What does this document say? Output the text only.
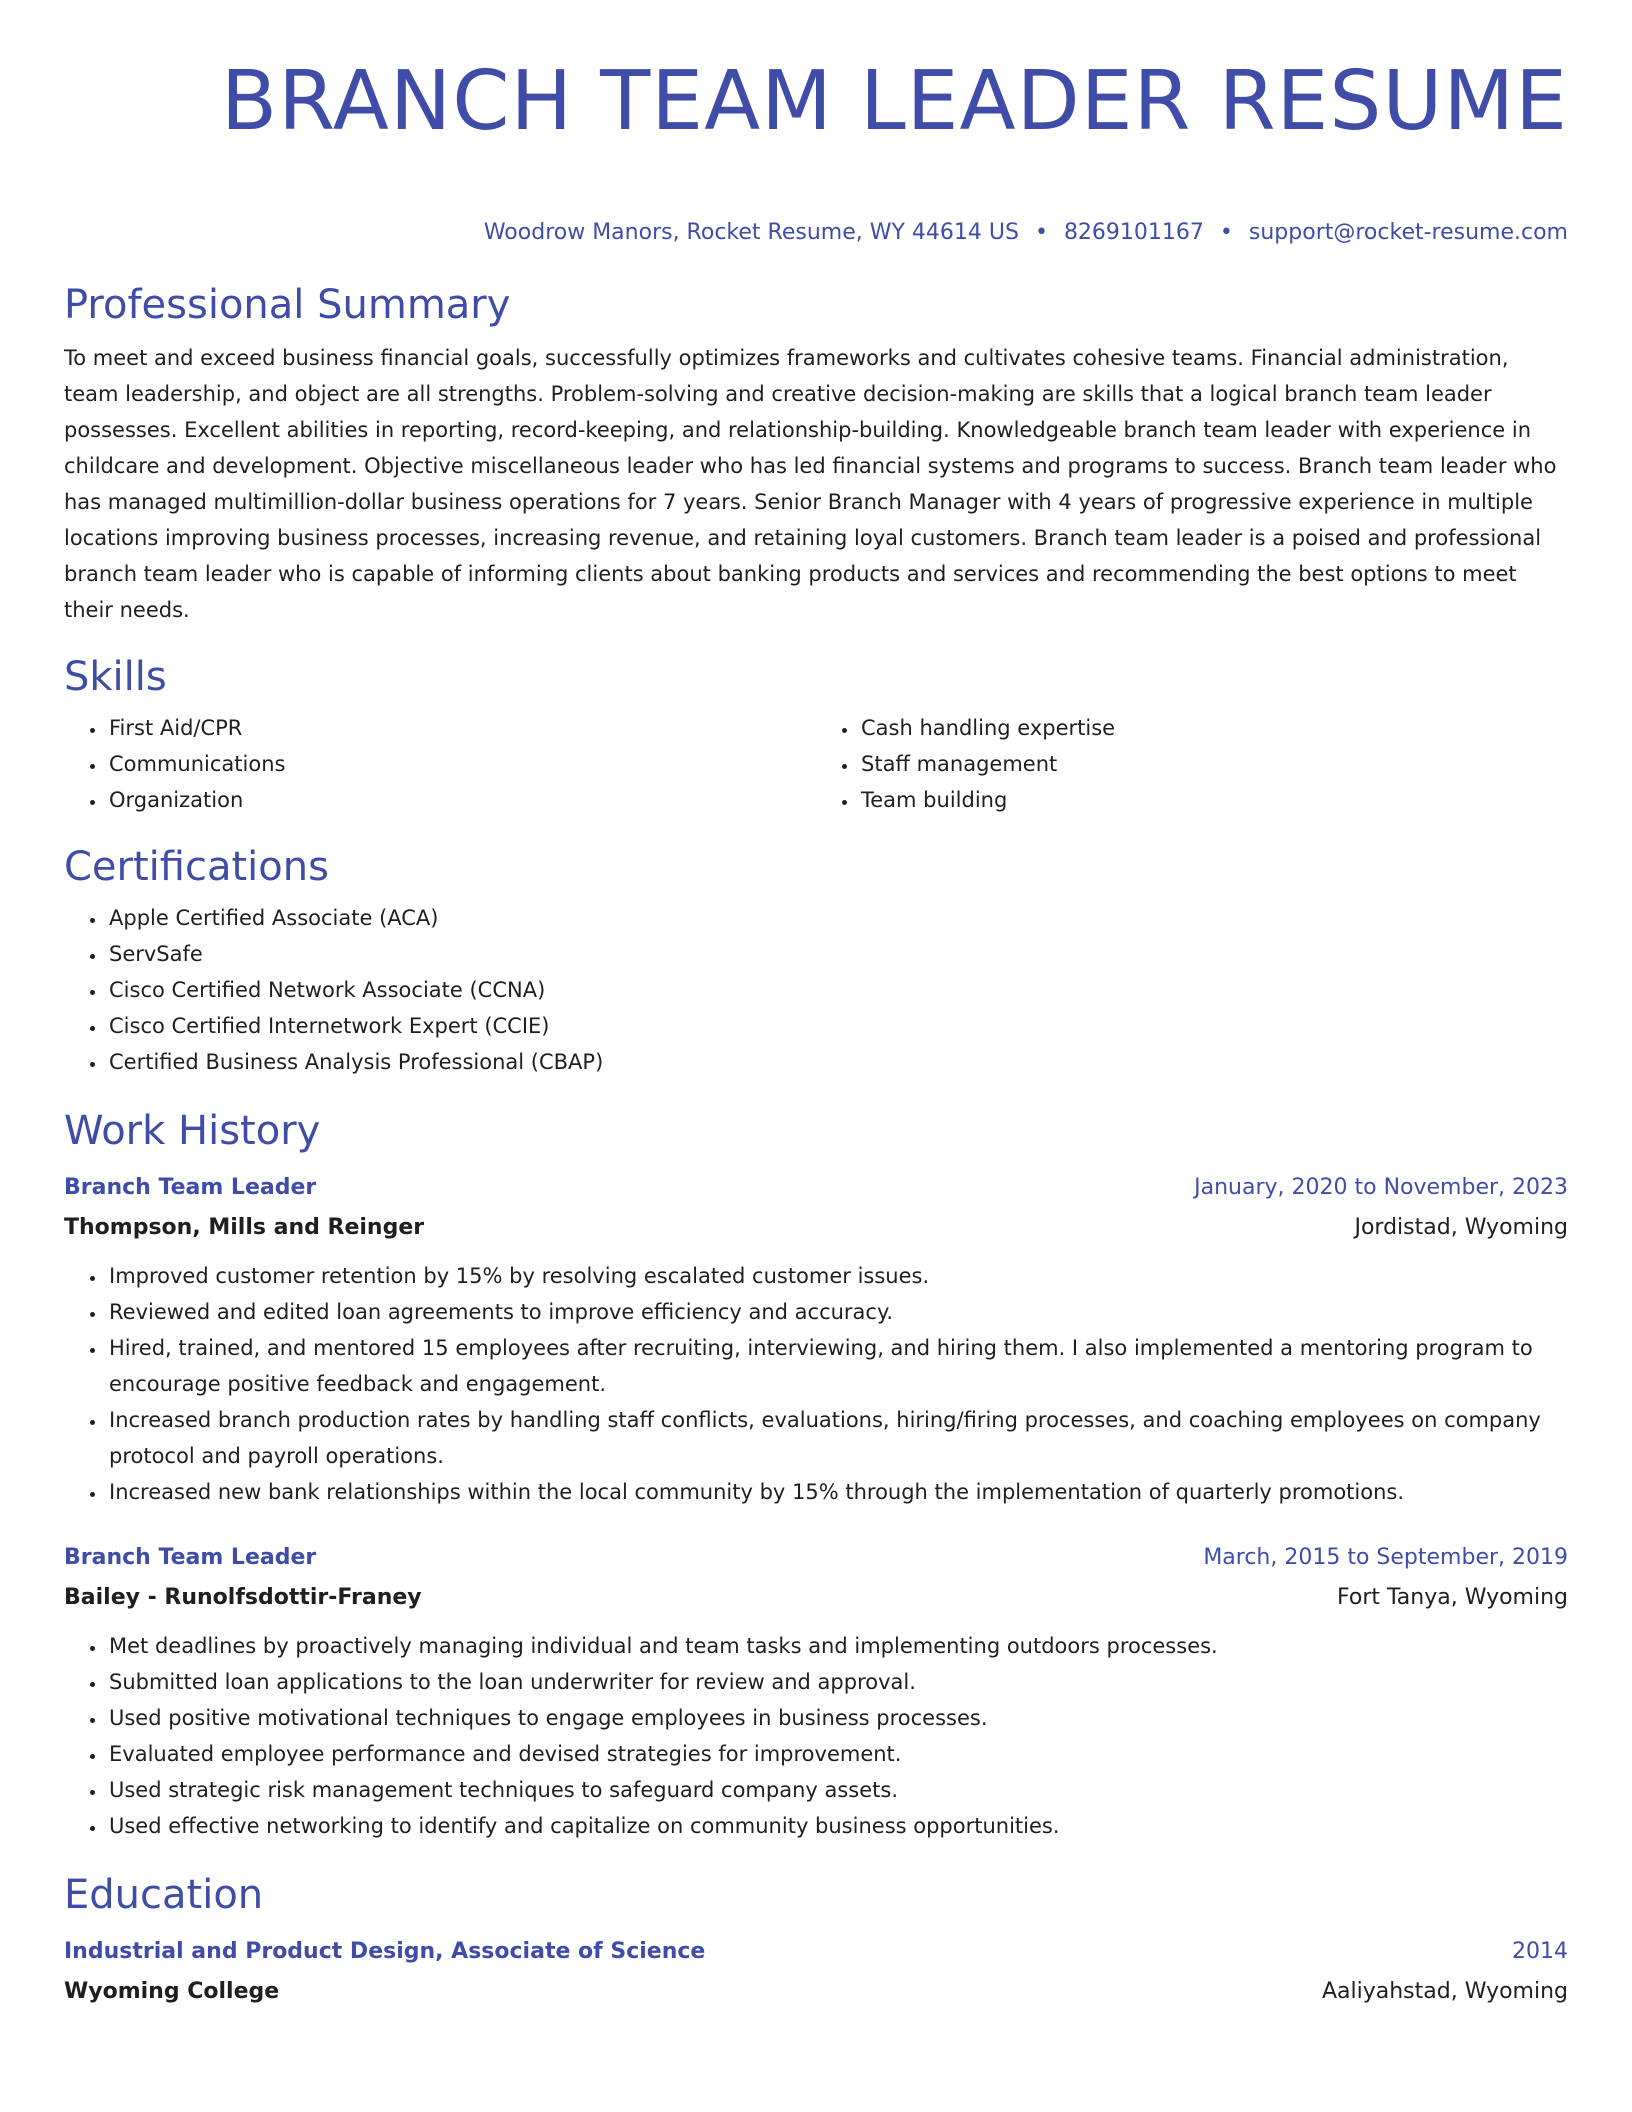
BRANCH TEAM LEADER RESUME
Woodrow Manors, Rocket Resume, WY 44614 US • 8269101167 • support@rocket-resume.com
Professional Summary

To meet and exceed business financial goals, successfully optimizes frameworks and cultivates cohesive teams. Financial administration, team leadership, and object are all strengths. Problem-solving and creative decision-making are skills that a logical branch team leader possesses. Excellent abilities in reporting, record-keeping, and relationship-building. Knowledgeable branch team leader with experience in childcare and development. Objective miscellaneous leader who has led financial systems and programs to success. Branch team leader who has managed multimillion-dollar business operations for 7 years. Senior Branch Manager with 4 years of progressive experience in multiple locations improving business processes, increasing revenue, and retaining loyal customers. Branch team leader is a poised and professional branch team leader who is capable of informing clients about banking products and services and recommending the best options to meet their needs.

Skills
• First Aid/CPR
• Communications
• Organization
• Cash handling expertise
• Staff management
• Team building
Certifications
• Apple Certified Associate (ACA)
• ServSafe
• Cisco Certified Network Associate (CCNA)
• Cisco Certified Internetwork Expert (CCIE)
• Certified Business Analysis Professional (CBAP)
Work History
Branch Team Leader	January, 2020 to November, 2023
Thompson, Mills and Reinger	Jordistad, Wyoming
• Improved customer retention by 15% by resolving escalated customer issues.
• Reviewed and edited loan agreements to improve efficiency and accuracy.
• Hired, trained, and mentored 15 employees after recruiting, interviewing, and hiring them. I also implemented a mentoring program to encourage positive feedback and engagement.
• Increased branch production rates by handling staff conflicts, evaluations, hiring/firing processes, and coaching employees on company protocol and payroll operations.
• Increased new bank relationships within the local community by 15% through the implementation of quarterly promotions.
Branch Team Leader	March, 2015 to September, 2019
Bailey - Runolfsdottir-Franey	Fort Tanya, Wyoming
• Met deadlines by proactively managing individual and team tasks and implementing outdoors processes.
• Submitted loan applications to the loan underwriter for review and approval.
• Used positive motivational techniques to engage employees in business processes.
• Evaluated employee performance and devised strategies for improvement.
• Used strategic risk management techniques to safeguard company assets.
• Used effective networking to identify and capitalize on community business opportunities.
Education
Industrial and Product Design, Associate of Science	2014
Wyoming College	Aaliyahstad, Wyoming
